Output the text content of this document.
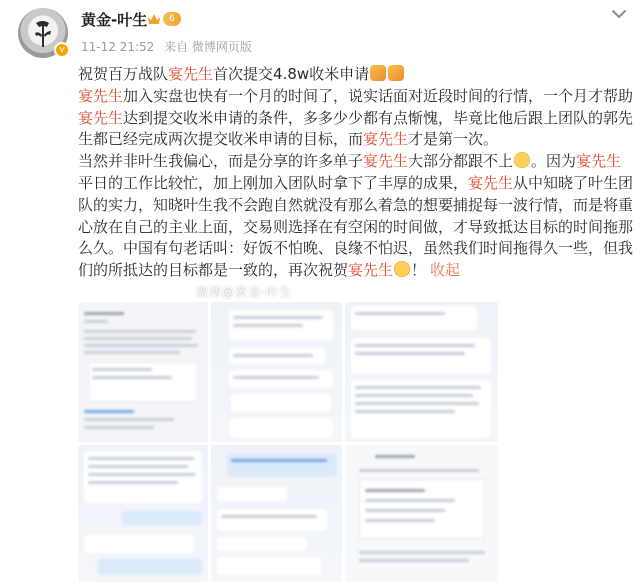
v
黄金-叶生	6
11-12 21:52 来自 微博网页版

祝贺百万战队宴先生首次提交4.8w收米申请

宴先生加入实盘也快有一个月的时间了，说实话面对近段时间的行情，一个月才帮助宴先生达到提交收米申请的条件，多多少少都有点惭愧，毕竟比他后跟上团队的郭先生都已经完成两次提交收米申请的目标，而宴先生才是第一次。

当然并非叶生我偏心，而是分享的许多单子宴先生大部分都跟不上 。因为宴先生平日的工作比较忙，加上刚加入团队时拿下了丰厚的成果，宴先生从中知晓了叶生团队的实力，知晓叶生我不会跑自然就没有那么着急的想要捕捉每一波行情，而是将重心放在自己的主业上面，交易则选择在有空闲的时间做，才导致抵达目标的时间拖那么久。中国有句老话叫：好饭不怕晚、良缘不怕迟，虽然我们时间拖得久一些，但我们的所抵达的目标都是一致的，再次祝贺宴先生 ！ 收起

微博@黄金-叶生
